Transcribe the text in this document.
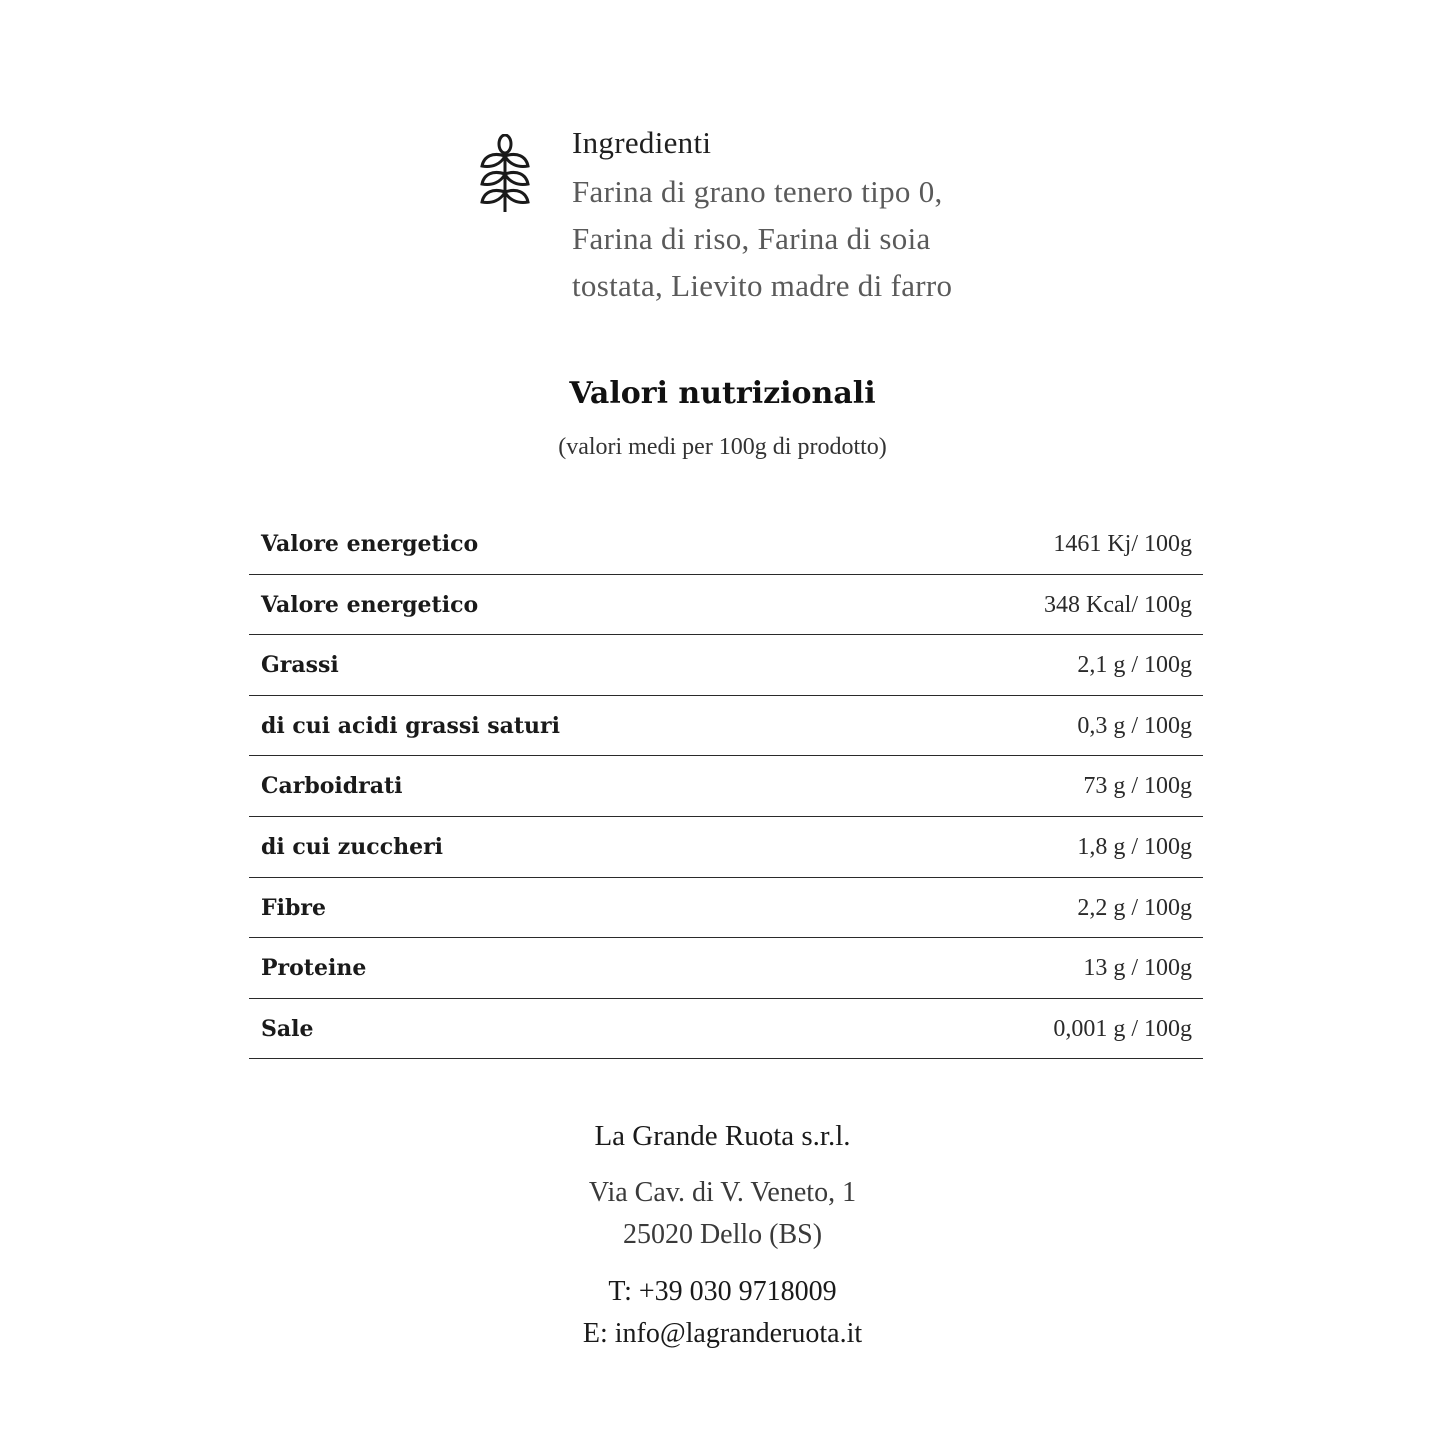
Ingredienti
Farina di grano tenero tipo 0,
Farina di riso, Farina di soia
tostata, Lievito madre di farro
Valori nutrizionali
(valori medi per 100g di prodotto)
Valore energetico	1461 Kj/ 100g
Valore energetico	348 Kcal/ 100g
Grassi	2,1 g / 100g
di cui acidi grassi saturi	0,3 g / 100g
Carboidrati	73 g / 100g
di cui zuccheri	1,8 g / 100g
Fibre	2,2 g / 100g
Proteine	13 g / 100g
Sale	0,001 g / 100g
La Grande Ruota s.r.l.
Via Cav. di V. Veneto, 1
25020 Dello (BS)
T: +39 030 9718009
E: info@lagranderuota.it
